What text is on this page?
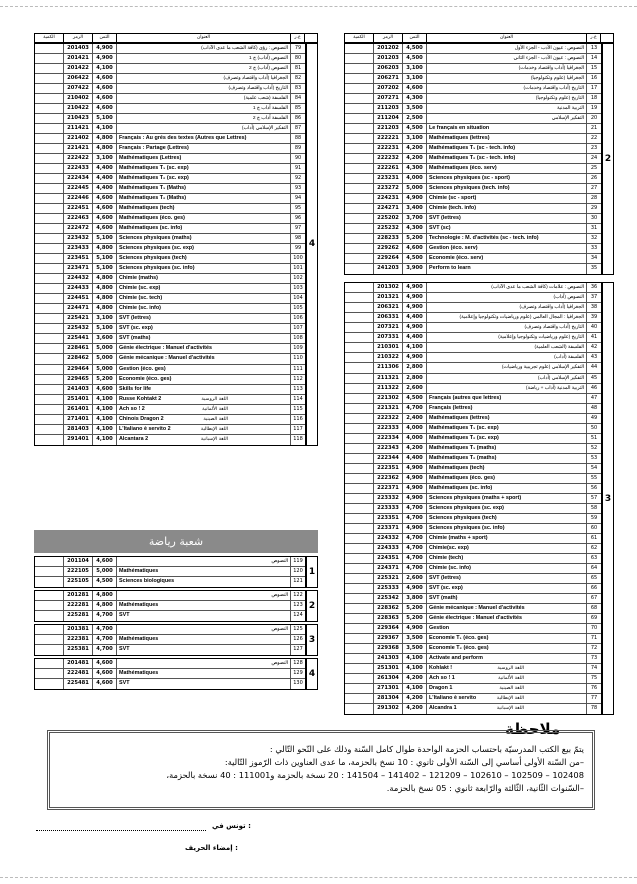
الكمية	الرمز	الثمن	العنوان	ع.ر
201403	4,900	النصوص : رؤى (كافة الشعب ما عدى الآداب)	79
201421	4,900	النصوص (آداب) ج 1	80
201422	4,100	النصوص (آداب) ج 2	81
206422	4,600	الجغرافيا (آداب واقتصاد وتصرف)	82
207422	4,600	التاريخ (آداب واقتصاد وتصرف)	83
210402	4,600	الفلسفة (شعب علمية)	84
210422	4,600	الفلسفة آداب ج 1	85
210423	5,100	الفلسفة آداب ج 2	86
211421	4,100	التفكير الإسلامي (آداب)	87
221402	4,800	Français : Au grés des textes (Autres que Lettres)	88
221421	4,800	Français : Partage (Lettres)	89
222422	3,100	Mathématiques (Lettres)	90
222433	4,400	Mathématiques T₁ (sc. exp)	91
222434	4,400	Mathématiques T₂ (sc. exp)	92
222445	4,400	Mathématiques T₁ (Maths)	93
222446	4,600	Mathématiques T₂ (Maths)	94
222451	4,600	Mathématiques (tech)	95
222463	4,600	Mathématiques (éco. ges)	96
222472	4,600	Mathématiques (sc. info)	97
223432	5,100	Sciences physiques (maths)	98
223433	4,800	Sciences physiques (sc. exp)	99
223451	5,100	Sciences physiques (tech)	100
223471	5,100	Sciences physiques (sc. info)	101
224432	4,800	Chimie (maths)	102
224433	4,800	Chimie (sc. exp)	103
224451	4,800	Chimie (sc. tech)	104
224471	4,800	Chimie (sc. info)	105
225421	3,100	SVT (lettres)	106
225432	5,100	SVT (sc. exp)	107
225441	3,600	SVT (maths)	108
228461	5,000	Génie électrique : Manuel d'activités	109
228462	5,000	Génie mécanique : Manuel d'activités	110
229464	5,000	Gestion (éco. ges)	111
229465	5,200	Economie (éco. ges)	112
241403	4,600	Skills for life	113
251401	4,100	Russe Kohtakt 2	اللغة الروسية	114
261401	4,100	Ach so ! 2	اللغة الألمانية	115
271401	4,100	Chinois Dragon 2	اللغة الصينية	116
281403	4,100	L'Italiano è servito 2	اللغة الإيطالية	117
291401	4,100	Alcantara 2	اللغة الإسبانية	118
4
شعبة رياضة
201104	4,600	النصوص	119
222105	5,000	Mathématiques	120
225105	4,500	Sciences biologiques	121
1
201281	4,800	النصوص	122
222281	4,800	Mathématiques	123
225281	4,700	SVT	124
2
201381	4,700	النصوص	125
222381	4,700	Mathématiques	126
225381	4,700	SVT	127
3
201481	4,600	النصوص	128
222481	4,600	Mathématiques	129
225481	4,600	SVT	130
4
الكمية	الرمز	الثمن	العنوان	ع.ر
201202	4,500	النصوص : عيون الأدب - الجزء الأول	13
201203	4,500	النصوص : عيون الأدب - الجزء الثاني	14
206203	3,100	الجغرافيا (آداب واقتصاد وخدمات)	15
206271	3,100	الجغرافيا (علوم وتكنولوجيا)	16
207202	4,600	التاريخ (آداب واقتصاد وخدمات)	17
207271	4,300	التاريخ (علوم وتكنولوجيا)	18
211203	3,500	التربية المدنية	19
211204	2,500	التفكير الإسلامي	20
221203	4,500	Le français en situation	21
222221	3,100	Mathématiques (lettres)	22
222231	4,200	Mathématiques T₁ (sc - tech. info)	23
222232	4,200	Mathématiques T₂ (sc - tech. info)	24
222261	4,300	Mathématiques (éco. serv)	25
223231	4,000	Sciences physiques (sc - sport)	26
223272	5,000	Sciences physiques (tech. info)	27
224231	4,900	Chimie (sc - sport)	28
224271	3,400	Chimie (tech. info)	29
225202	3,700	SVT (lettres)	30
225232	4,300	SVT (sc)	31
228233	5,200	Technologie : M. d'activités (sc - tech. info)	32
229262	4,600	Gestion (éco. serv)	33
229264	4,500	Economie (éco. serv)	34
241203	3,900	Perform to learn	35
2
201302	4,900	النصوص : علامات (كافة الشعب ما عدى الآداب)	36
201321	4,900	النصوص (آداب)	37
206321	4,900	الجغرافيا (آداب واقتصاد وتصرف)	38
206331	4,400	الجغرافيا : المجال العالمي (علوم ورياضيات وتكنولوجيا وإعلامية)	39
207321	4,900	التاريخ (آداب واقتصاد وتصرف)	40
207331	4,400	التاريخ (علوم ورياضيات وتكنولوجيا وإعلامية)	41
210301	4,100	الفلسفة (الشعب العلمية)	42
210322	4,900	الفلسفة (آداب)	43
211306	2,800	التفكير الإسلامي (علوم تجريبية ورياضيات)	44
211321	2,800	التفكير الإسلامي (آداب)	45
211322	2,600	التربية المدنية (آداب + رياضة)	46
221302	4,500	Français (autres que lettres)	47
221321	4,700	Français (lettres)	48
222322	2,400	Mathématiques (lettres)	49
222333	4,000	Mathématiques T₁ (sc. exp)	50
222334	4,000	Mathématiques T₂ (sc. exp)	51
222343	4,200	Mathématiques T₁ (maths)	52
222344	4,400	Mathématiques T₂ (maths)	53
222351	4,900	Mathématiques (tech)	54
222362	4,900	Mathématiques (éco. ges)	55
222371	4,900	Mathématiques (sc. info)	56
223332	4,900	Sciences physiques (maths + sport)	57
223333	4,700	Sciences physiques (sc. exp)	58
223351	4,700	Sciences physiques (tech)	59
223371	4,900	Sciences physiques (sc. info)	60
224332	4,700	Chimie (maths + sport)	61
224333	4,700	Chimie(sc. exp)	62
224351	4,700	Chimie (tech)	63
224371	4,700	Chimie (sc. info)	64
225321	2,600	SVT (lettres)	65
225333	4,900	SVT (sc. exp)	66
225342	3,800	SVT (math)	67
228362	5,200	Génie mécanique : Manuel d'activités	68
228363	5,200	Génie électrique : Manuel d'activités	69
229364	4,900	Gestion	70
229367	3,500	Economie T₁ (éco. ges)	71
229368	3,500	Economie T₂ (éco. ges)	72
241303	4,100	Activate and perform	73
251301	4,100	Kohlakt !	اللغة الروسية	74
261304	4,200	Ach so ! 1	اللغة الألمانية	75
271301	4,100	Dragon 1	اللغة الصينية	76
281304	4,200	L'Italiano è servito	اللغة الإيطالية	77
291302	4,200	Alcandra 1	اللغة الإسبانية	78
3
ملاحظة
يتمّ بيع الكتب المدرسيّة باحتساب الحزمة الواحدة طوال كامل السّنة وذلك على النّحو التّالي :
–من السّنة الأولى أساسي إلى السّنة الأولى ثانوي : 10 نسخ بالحزمة، ما عدى العناوين ذات الرّموز التّالية:
102408 – 102509 – 102610 – 121209 – 141402 – 141504 : 20 نسخة بالحزمة و111001 : 40 نسخة بالحزمة،
–السّنوات الثّانية، الثّالثة والرّابعة ثانوي : 05 نسخ بالحزمة.
تونس في :
إمضاء الحريف :
